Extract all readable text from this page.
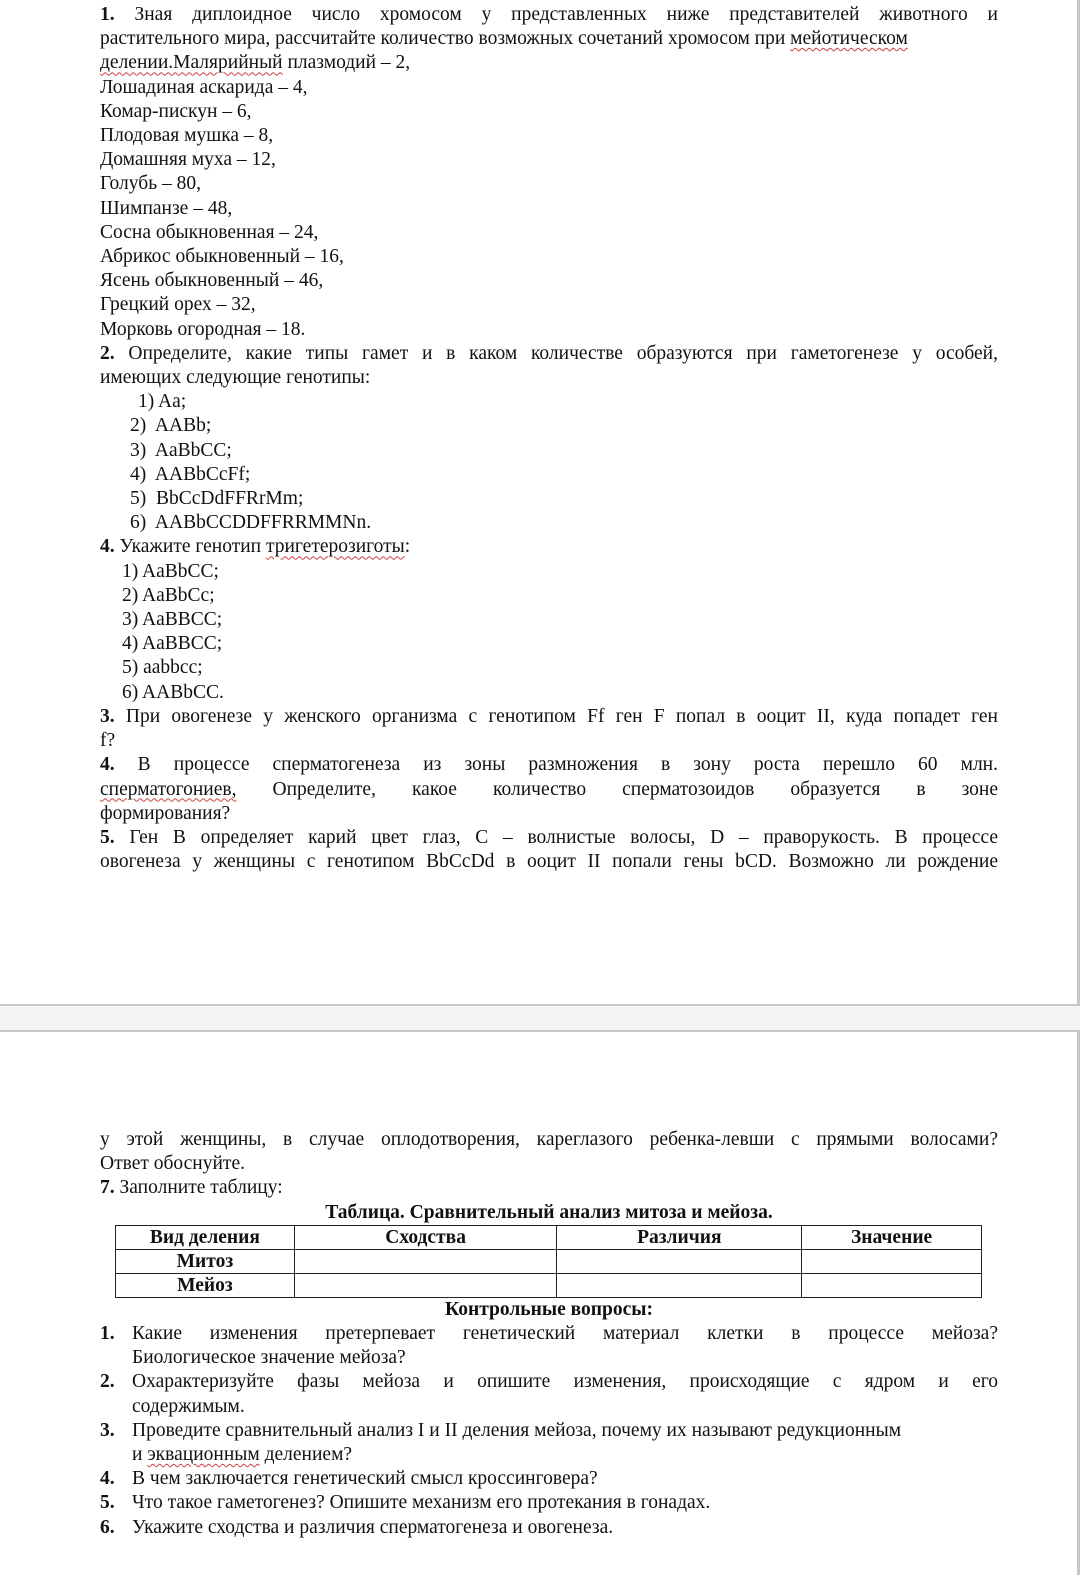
1. Зная диплоидное число хромосом у представленных ниже представителей животного и
растительного мира, рассчитайте количество возможных сочетаний хромосом при мейотическом
делении.Малярийный плазмодий – 2,
Лошадиная аскарида – 4,
Комар-пискун – 6,
Плодовая мушка – 8,
Домашняя муха – 12,
Голубь – 80,
Шимпанзе – 48,
Сосна обыкновенная – 24,
Абрикос обыкновенный – 16,
Ясень обыкновенный – 46,
Грецкий орех – 32,
Морковь огородная – 18.
2. Определите, какие типы гамет и в каком количестве образуются при гаметогенезе у особей,
имеющих следующие генотипы:
1) Aa;
2)  AABb;
3)  AaBbCC;
4)  AABbCcFf;
5)  BbCcDdFFRrMm;
6)  AABbCCDDFFRRMMNn.
4. Укажите генотип тригетерозиготы:
1) AaBbCC;
2) AaBbCc;
3) AaBBCC;
4) AaBBCC;
5) aabbcc;
6) AABbCC.
3. При овогенезе у женского организма с генотипом Ff ген F попал в ооцит II, куда попадет ген
f?
4. В процессе сперматогенеза из зоны размножения в зону роста перешло 60 млн.
сперматогониев, Определите, какое количество сперматозоидов образуется в зоне
формирования?
5. Ген В определяет карий цвет глаз, С – волнистые волосы, D – праворукость. В процессе
овогенеза у женщины с генотипом BbCcDd в ооцит II попали гены bCD. Возможно ли рождение
у этой женщины, в случае оплодотворения, кареглазого ребенка-левши с прямыми волосами?
Ответ обоснуйте.
7. Заполните таблицу:
Таблица. Сравнительный анализ митоза и мейоза.
Вид деления	Сходства	Различия	Значение
Митоз			
Мейоз			
Контрольные вопросы:
1. Какие изменения претерпевает генетический материал клетки в процессе мейоза?
Биологическое значение мейоза?
2. Охарактеризуйте фазы мейоза и опишите изменения, происходящие с ядром и его
содержимым.
3. Проведите сравнительный анализ I и II деления мейоза, почему их называют редукционным
и эквационным делением?
4. В чем заключается генетический смысл кроссинговера?
5. Что такое гаметогенез? Опишите механизм его протекания в гонадах.
6. Укажите сходства и различия сперматогенеза и овогенеза.
